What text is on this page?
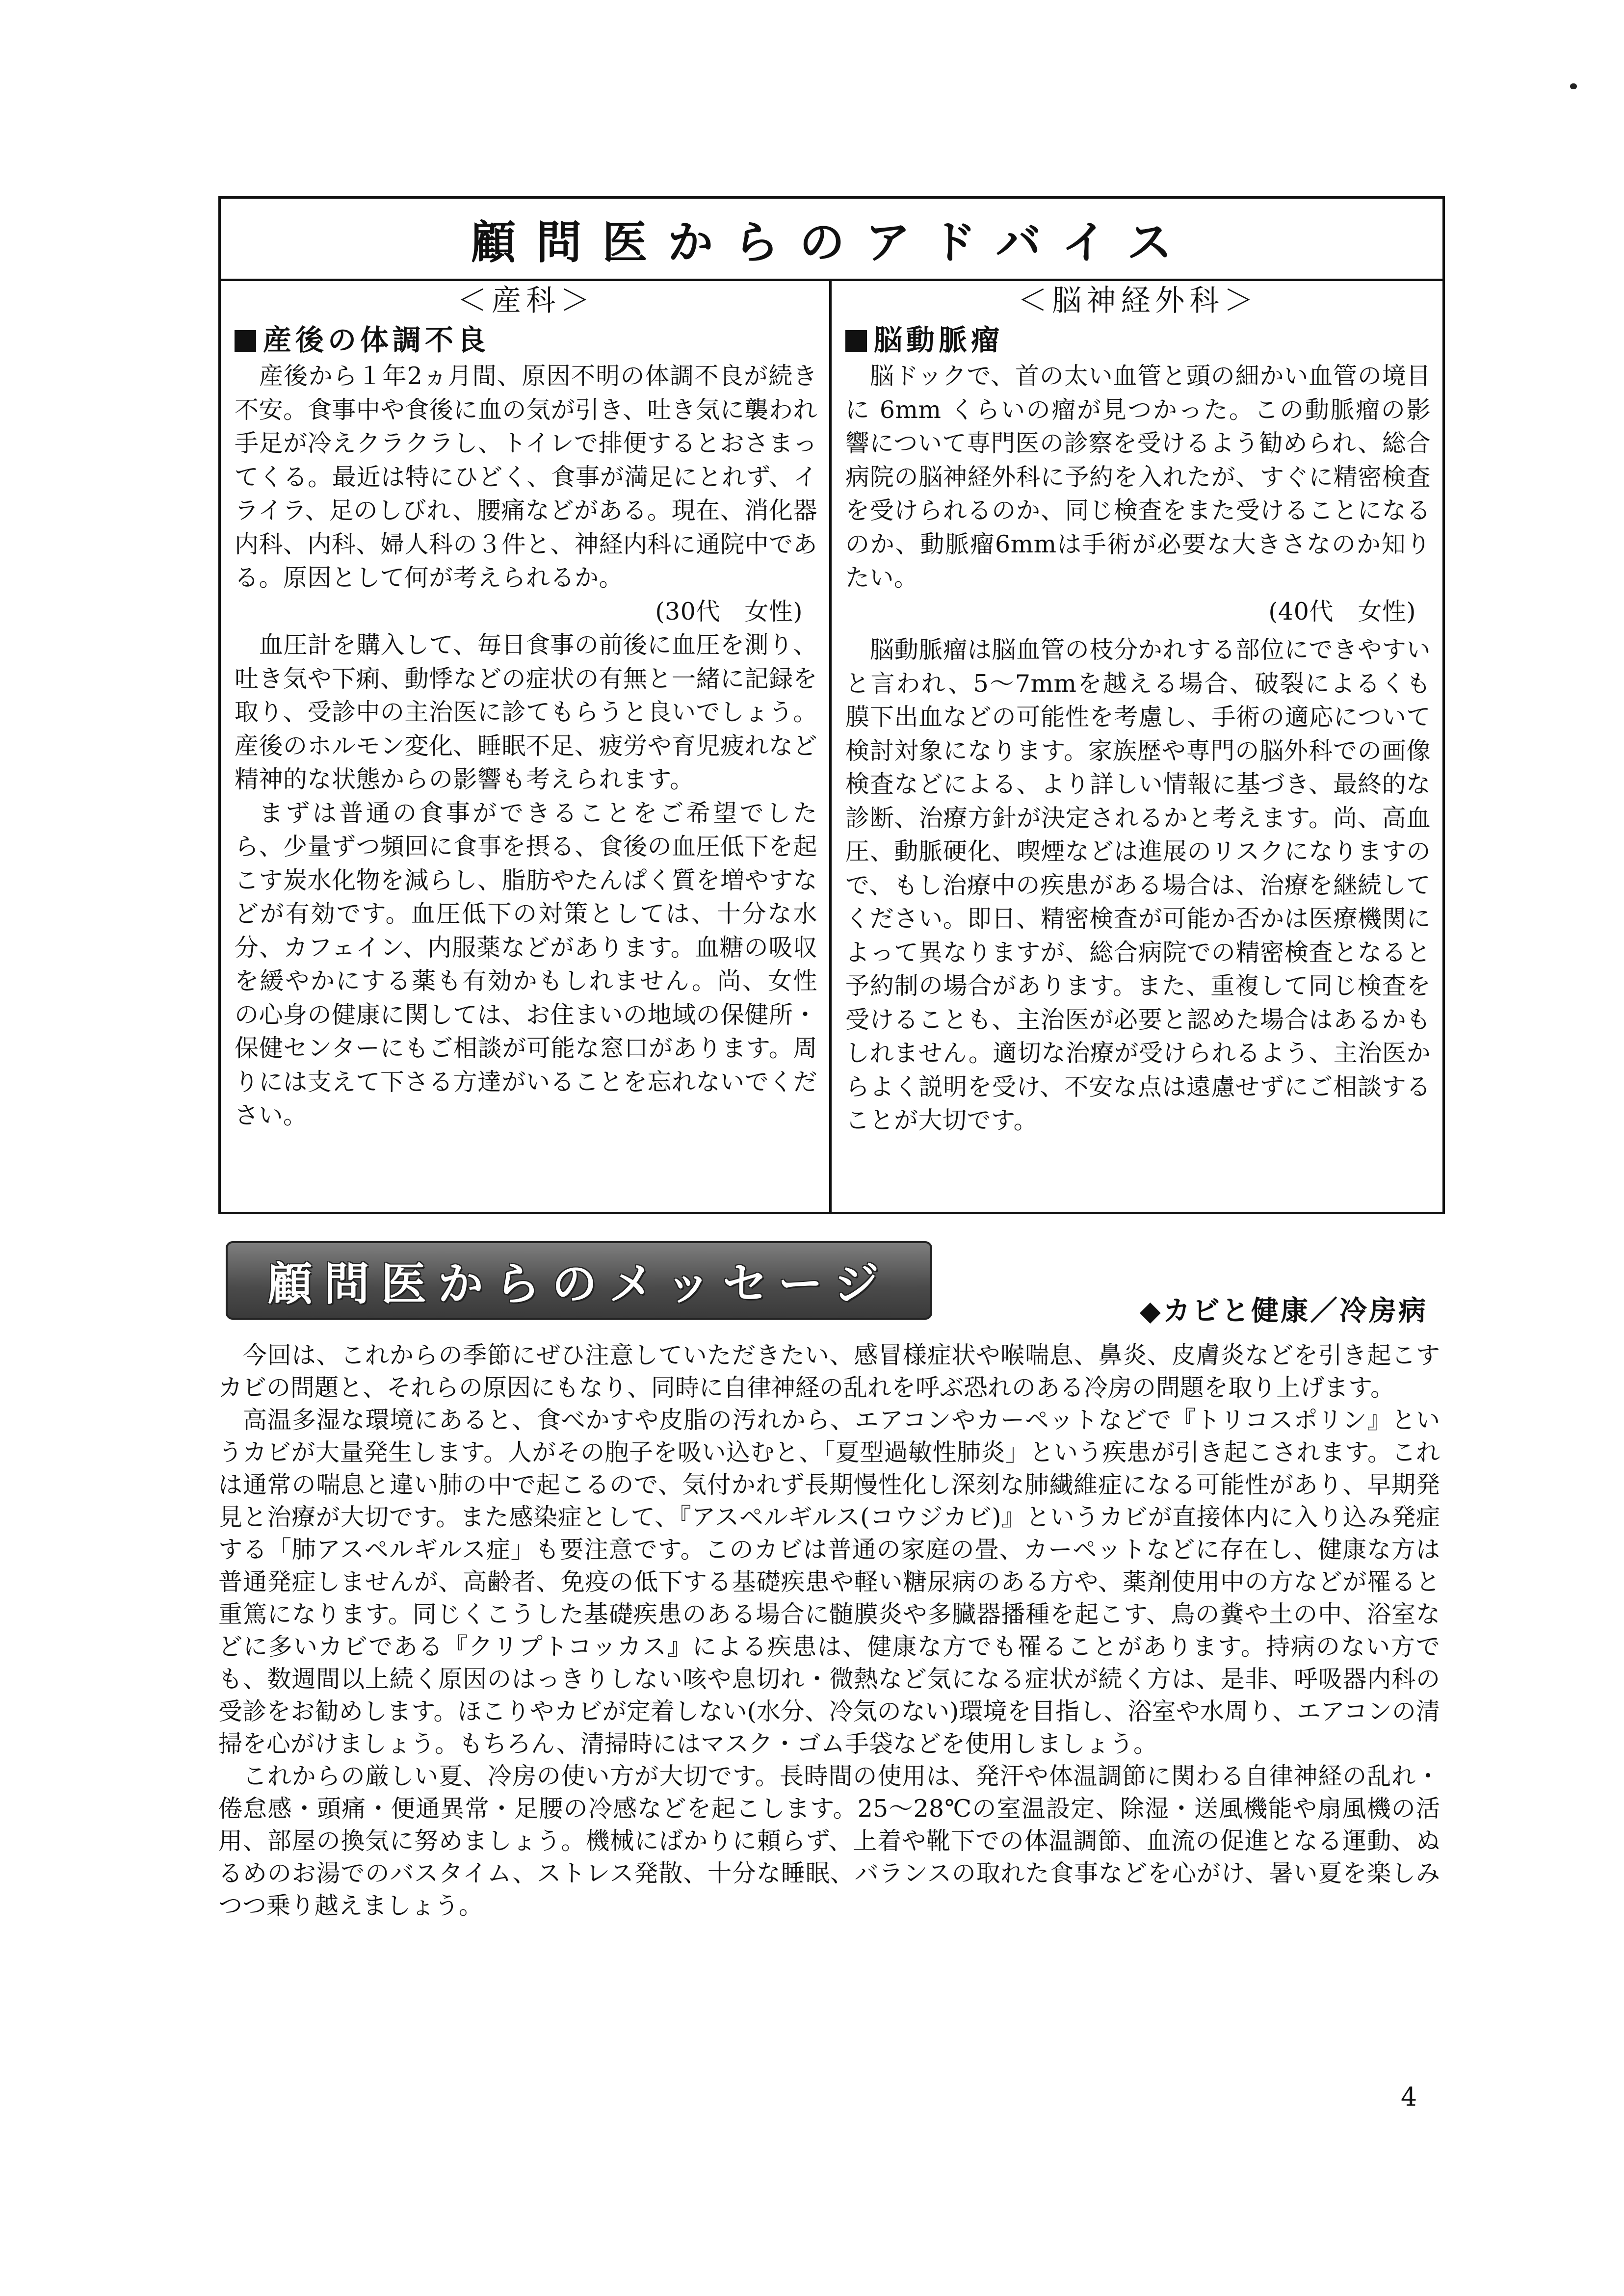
顧問医からのアドバイス
＜産科＞
産後の体調不良

産後から１年2ヵ月間、原因不明の体調不良が続き不安。食事中や食後に血の気が引き、吐き気に襲われ手足が冷えクラクラし、トイレで排便するとおさまってくる。最近は特にひどく、食事が満足にとれず、イライラ、足のしびれ、腰痛などがある。現在、消化器内科、内科、婦人科の３件と、神経内科に通院中である。原因として何が考えられるか。

(30代　女性)

血圧計を購入して、毎日食事の前後に血圧を測り、吐き気や下痢、動悸などの症状の有無と一緒に記録を取り、受診中の主治医に診てもらうと良いでしょう。産後のホルモン変化、睡眠不足、疲労や育児疲れなど精神的な状態からの影響も考えられます。

まずは普通の食事ができることをご希望でしたら、少量ずつ頻回に食事を摂る、食後の血圧低下を起こす炭水化物を減らし、脂肪やたんぱく質を増やすなどが有効です。血圧低下の対策としては、十分な水分、カフェイン、内服薬などがあります。血糖の吸収を緩やかにする薬も有効かもしれません。尚、女性の心身の健康に関しては、お住まいの地域の保健所・保健センターにもご相談が可能な窓口があります。周りには支えて下さる方達がいることを忘れないでください。

＜脳神経外科＞
脳動脈瘤

脳ドックで、首の太い血管と頭の細かい血管の境目に 6mm くらいの瘤が見つかった。この動脈瘤の影響について専門医の診察を受けるよう勧められ、総合病院の脳神経外科に予約を入れたが、すぐに精密検査を受けられるのか、同じ検査をまた受けることになるのか、動脈瘤6mmは手術が必要な大きさなのか知りたい。

(40代　女性)

脳動脈瘤は脳血管の枝分かれする部位にできやすいと言われ、5～7mmを越える場合、破裂によるくも膜下出血などの可能性を考慮し、手術の適応について検討対象になります。家族歴や専門の脳外科での画像検査などによる、より詳しい情報に基づき、最終的な診断、治療方針が決定されるかと考えます。尚、高血圧、動脈硬化、喫煙などは進展のリスクになりますので、もし治療中の疾患がある場合は、治療を継続してください。即日、精密検査が可能か否かは医療機関によって異なりますが、総合病院での精密検査となると予約制の場合があります。また、重複して同じ検査を受けることも、主治医が必要と認めた場合はあるかもしれません。適切な治療が受けられるよう、主治医からよく説明を受け、不安な点は遠慮せずにご相談することが大切です。

顧問医からのメッセージ
◆カビと健康／冷房病

今回は、これからの季節にぜひ注意していただきたい、感冒様症状や喉喘息、鼻炎、皮膚炎などを引き起こすカビの問題と、それらの原因にもなり、同時に自律神経の乱れを呼ぶ恐れのある冷房の問題を取り上げます。

高温多湿な環境にあると、食べかすや皮脂の汚れから、エアコンやカーペットなどで『トリコスポリン』というカビが大量発生します。人がその胞子を吸い込むと、「夏型過敏性肺炎」という疾患が引き起こされます。これは通常の喘息と違い肺の中で起こるので、気付かれず長期慢性化し深刻な肺繊維症になる可能性があり、早期発見と治療が大切です。また感染症として、『アスペルギルス(コウジカビ)』というカビが直接体内に入り込み発症する「肺アスペルギルス症」も要注意です。このカビは普通の家庭の畳、カーペットなどに存在し、健康な方は普通発症しませんが、高齢者、免疫の低下する基礎疾患や軽い糖尿病のある方や、薬剤使用中の方などが罹ると重篤になります。同じくこうした基礎疾患のある場合に髄膜炎や多臓器播種を起こす、鳥の糞や土の中、浴室などに多いカビである『クリプトコッカス』による疾患は、健康な方でも罹ることがあります。持病のない方でも、数週間以上続く原因のはっきりしない咳や息切れ・微熱など気になる症状が続く方は、是非、呼吸器内科の受診をお勧めします。ほこりやカビが定着しない(水分、冷気のない)環境を目指し、浴室や水周り、エアコンの清掃を心がけましょう。もちろん、清掃時にはマスク・ゴム手袋などを使用しましょう。

これからの厳しい夏、冷房の使い方が大切です。長時間の使用は、発汗や体温調節に関わる自律神経の乱れ・倦怠感・頭痛・便通異常・足腰の冷感などを起こします。25～28℃の室温設定、除湿・送風機能や扇風機の活用、部屋の換気に努めましょう。機械にばかりに頼らず、上着や靴下での体温調節、血流の促進となる運動、ぬるめのお湯でのバスタイム、ストレス発散、十分な睡眠、バランスの取れた食事などを心がけ、暑い夏を楽しみつつ乗り越えましょう。

4
